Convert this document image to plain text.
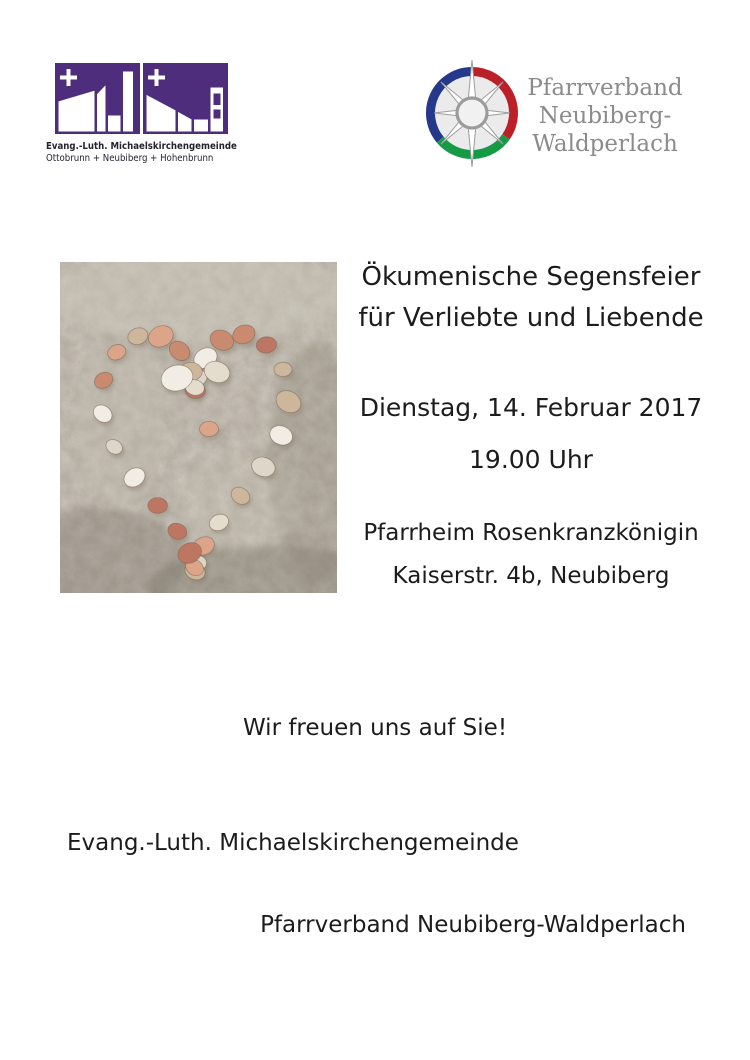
Evang.-Luth. Michaelskirchengemeinde
Ottobrunn + Neubiberg + Hohenbrunn
Pfarrverband
Neubiberg-
Waldperlach
Ökumenische Segensfeier
für Verliebte und Liebende
Dienstag, 14. Februar 2017
19.00 Uhr
Pfarrheim Rosenkranzkönigin
Kaiserstr. 4b, Neubiberg
Wir freuen uns auf Sie!
Evang.-Luth. Michaelskirchengemeinde
Pfarrverband Neubiberg-Waldperlach
